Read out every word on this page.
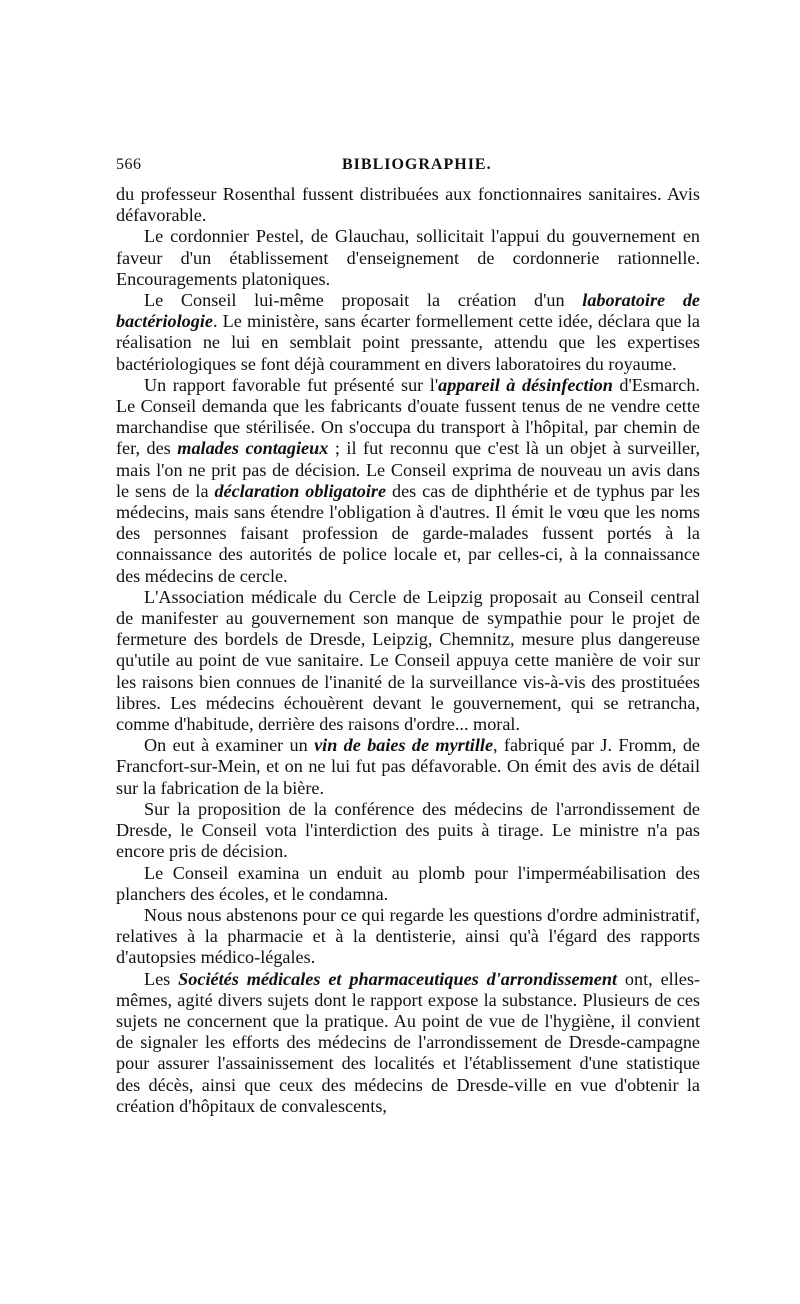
566	BIBLIOGRAPHIE.

du professeur Rosenthal fussent distribuées aux fonctionnaires sanitaires. Avis défavorable.

Le cordonnier Pestel, de Glauchau, sollicitait l'appui du gouvernement en faveur d'un établissement d'enseignement de cordonnerie rationnelle. Encouragements platoniques.

Le Conseil lui-même proposait la création d'un laboratoire de bactériologie. Le ministère, sans écarter formellement cette idée, déclara que la réalisation ne lui en semblait point pressante, attendu que les expertises bactériologiques se font déjà couramment en divers laboratoires du royaume.

Un rapport favorable fut présenté sur l'appareil à désinfection d'Esmarch. Le Conseil demanda que les fabricants d'ouate fussent tenus de ne vendre cette marchandise que stérilisée. On s'occupa du transport à l'hôpital, par chemin de fer, des malades contagieux ; il fut reconnu que c'est là un objet à surveiller, mais l'on ne prit pas de décision. Le Conseil exprima de nouveau un avis dans le sens de la déclaration obligatoire des cas de diphthérie et de typhus par les médecins, mais sans étendre l'obligation à d'autres. Il émit le vœu que les noms des personnes faisant profession de garde-malades fussent portés à la connaissance des autorités de police locale et, par celles-ci, à la connaissance des médecins de cercle.

L'Association médicale du Cercle de Leipzig proposait au Conseil central de manifester au gouvernement son manque de sympathie pour le projet de fermeture des bordels de Dresde, Leipzig, Chemnitz, mesure plus dangereuse qu'utile au point de vue sanitaire. Le Conseil appuya cette manière de voir sur les raisons bien connues de l'inanité de la surveillance vis-à-vis des prostituées libres. Les médecins échouèrent devant le gouvernement, qui se retrancha, comme d'habitude, derrière des raisons d'ordre... moral.

On eut à examiner un vin de baies de myrtille, fabriqué par J. Fromm, de Francfort-sur-Mein, et on ne lui fut pas défavorable. On émit des avis de détail sur la fabrication de la bière.

Sur la proposition de la conférence des médecins de l'arrondissement de Dresde, le Conseil vota l'interdiction des puits à tirage. Le ministre n'a pas encore pris de décision.

Le Conseil examina un enduit au plomb pour l'imperméabilisation des planchers des écoles, et le condamna.

Nous nous abstenons pour ce qui regarde les questions d'ordre administratif, relatives à la pharmacie et à la dentisterie, ainsi qu'à l'égard des rapports d'autopsies médico-légales.

Les Sociétés médicales et pharmaceutiques d'arrondissement ont, elles-mêmes, agité divers sujets dont le rapport expose la substance. Plusieurs de ces sujets ne concernent que la pratique. Au point de vue de l'hygiène, il convient de signaler les efforts des médecins de l'arrondissement de Dresde-campagne pour assurer l'assainissement des localités et l'établissement d'une statistique des décès, ainsi que ceux des médecins de Dresde-ville en vue d'obtenir la création d'hôpitaux de convalescents,
